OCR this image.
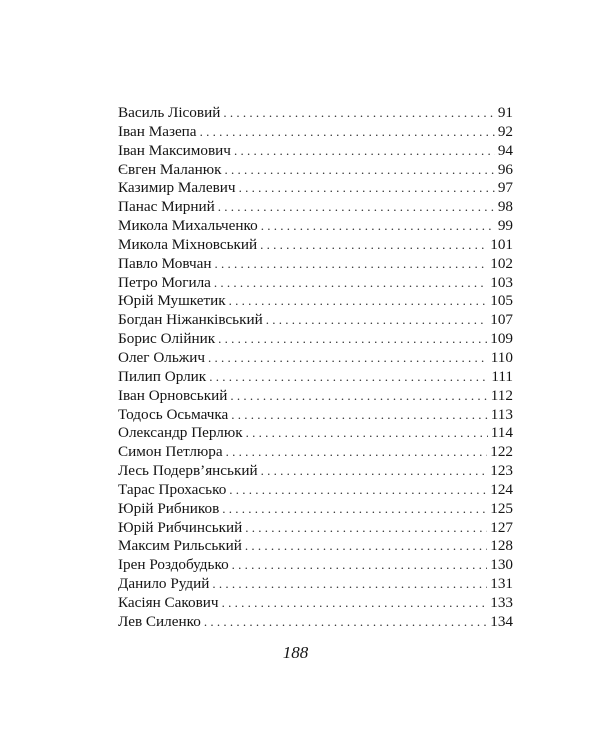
Василь Лісовий . . .	91
Іван Мазепа . . .	92
Іван Максимович . . .	94
Євген Маланюк . . .	96
Казимир Малевич . . .	97
Панас Мирний . . .	98
Микола Михальченко . . .	99
Микола Міхновський . . .	101
Павло Мовчан . . .	102
Петро Могила . . .	103
Юрій Мушкетик . . .	105
Богдан Ніжанківський . . .	107
Борис Олійник . . .	109
Олег Ольжич . . .	110
Пилип Орлик . . .	111
Іван Орновський . . .	112
Тодось Осьмачка . . .	113
Олександр Перлюк . . .	114
Симон Петлюра . . .	122
Лесь Подерв’янський . . .	123
Тарас Прохасько . . .	124
Юрій Рибников . . .	125
Юрій Рибчинський . . .	127
Максим Рильський . . .	128
Ірен Роздобудько . . .	130
Данило Рудий . . .	131
Касіян Сакович . . .	133
Лев Силенко . . .	134
188
